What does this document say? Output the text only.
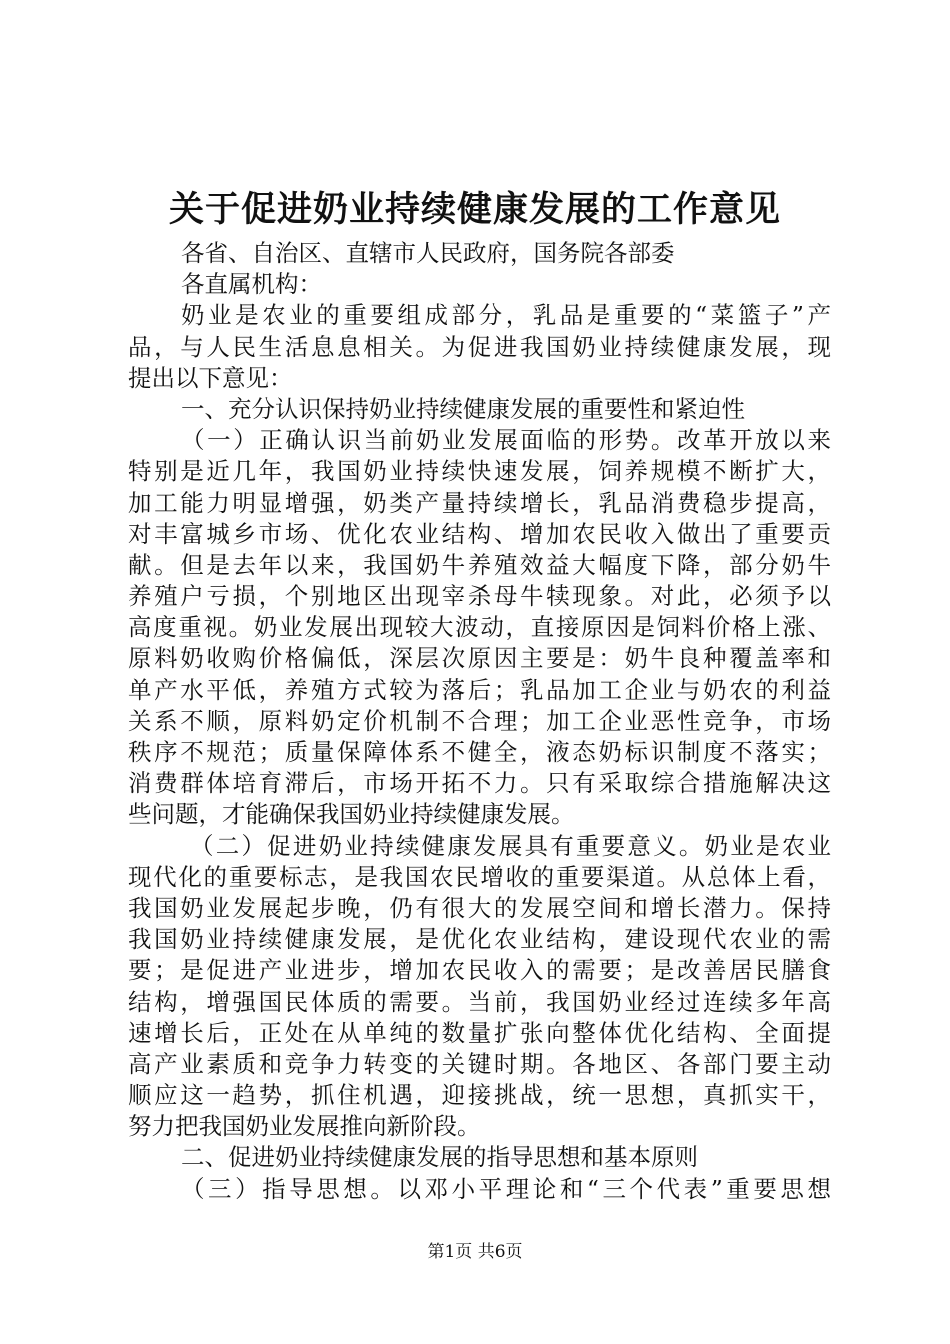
关于促进奶业持续健康发展的工作意见
各省、自治区、直辖市人民政府，国务院各部委
各直属机构：
奶业是农业的重要组成部分，乳品是重要的“菜篮子”产
品，与人民生活息息相关。为促进我国奶业持续健康发展，现
提出以下意见：
一、充分认识保持奶业持续健康发展的重要性和紧迫性
（一）正确认识当前奶业发展面临的形势。改革开放以来
特别是近几年，我国奶业持续快速发展，饲养规模不断扩大，
加工能力明显增强，奶类产量持续增长，乳品消费稳步提高，
对丰富城乡市场、优化农业结构、增加农民收入做出了重要贡
献。但是去年以来，我国奶牛养殖效益大幅度下降，部分奶牛
养殖户亏损，个别地区出现宰杀母牛犊现象。对此，必须予以
高度重视。奶业发展出现较大波动，直接原因是饲料价格上涨、
原料奶收购价格偏低，深层次原因主要是：奶牛良种覆盖率和
单产水平低，养殖方式较为落后；乳品加工企业与奶农的利益
关系不顺，原料奶定价机制不合理；加工企业恶性竞争，市场
秩序不规范；质量保障体系不健全，液态奶标识制度不落实；
消费群体培育滞后，市场开拓不力。只有采取综合措施解决这
些问题，才能确保我国奶业持续健康发展。
（二）促进奶业持续健康发展具有重要意义。奶业是农业
现代化的重要标志，是我国农民增收的重要渠道。从总体上看，
我国奶业发展起步晚，仍有很大的发展空间和增长潜力。保持
我国奶业持续健康发展，是优化农业结构，建设现代农业的需
要；是促进产业进步，增加农民收入的需要；是改善居民膳食
结构，增强国民体质的需要。当前，我国奶业经过连续多年高
速增长后，正处在从单纯的数量扩张向整体优化结构、全面提
高产业素质和竞争力转变的关键时期。各地区、各部门要主动
顺应这一趋势，抓住机遇，迎接挑战，统一思想，真抓实干，
努力把我国奶业发展推向新阶段。
二、促进奶业持续健康发展的指导思想和基本原则
（三）指导思想。以邓小平理论和“三个代表”重要思想
第1页 共6页
